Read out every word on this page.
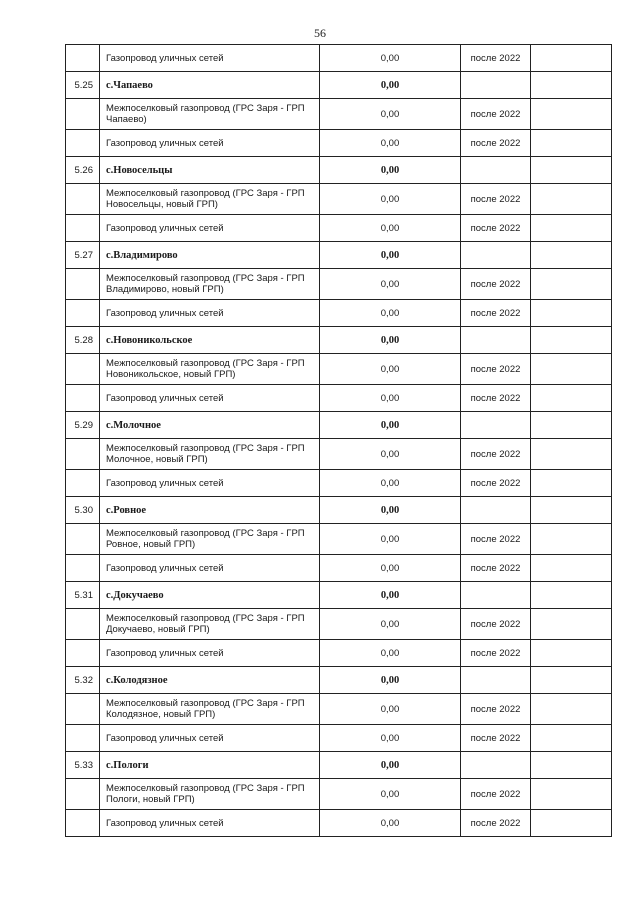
56
	Газопровод уличных сетей	0,00	после 2022	
5.25	с.Чапаево	0,00		
	Межпоселковый газопровод (ГРС Заря - ГРП Чапаево)	0,00	после 2022	
	Газопровод уличных сетей	0,00	после 2022	
5.26	с.Новосельцы	0,00		
	Межпоселковый газопровод (ГРС Заря - ГРП Новосельцы, новый ГРП)	0,00	после 2022	
	Газопровод уличных сетей	0,00	после 2022	
5.27	с.Владимирово	0,00		
	Межпоселковый газопровод (ГРС Заря - ГРП Владимирово, новый ГРП)	0,00	после 2022	
	Газопровод уличных сетей	0,00	после 2022	
5.28	с.Новоникольское	0,00		
	Межпоселковый газопровод (ГРС Заря - ГРП Новоникольское, новый ГРП)	0,00	после 2022	
	Газопровод уличных сетей	0,00	после 2022	
5.29	с.Молочное	0,00		
	Межпоселковый газопровод (ГРС Заря - ГРП Молочное, новый ГРП)	0,00	после 2022	
	Газопровод уличных сетей	0,00	после 2022	
5.30	с.Ровное	0,00		
	Межпоселковый газопровод (ГРС Заря - ГРП Ровное, новый ГРП)	0,00	после 2022	
	Газопровод уличных сетей	0,00	после 2022	
5.31	с.Докучаево	0,00		
	Межпоселковый газопровод (ГРС Заря - ГРП Докучаево, новый ГРП)	0,00	после 2022	
	Газопровод уличных сетей	0,00	после 2022	
5.32	с.Колодязное	0,00		
	Межпоселковый газопровод (ГРС Заря - ГРП Колодязное, новый ГРП)	0,00	после 2022	
	Газопровод уличных сетей	0,00	после 2022	
5.33	с.Пологи	0,00		
	Межпоселковый газопровод (ГРС Заря - ГРП Пологи, новый ГРП)	0,00	после 2022	
	Газопровод уличных сетей	0,00	после 2022	
